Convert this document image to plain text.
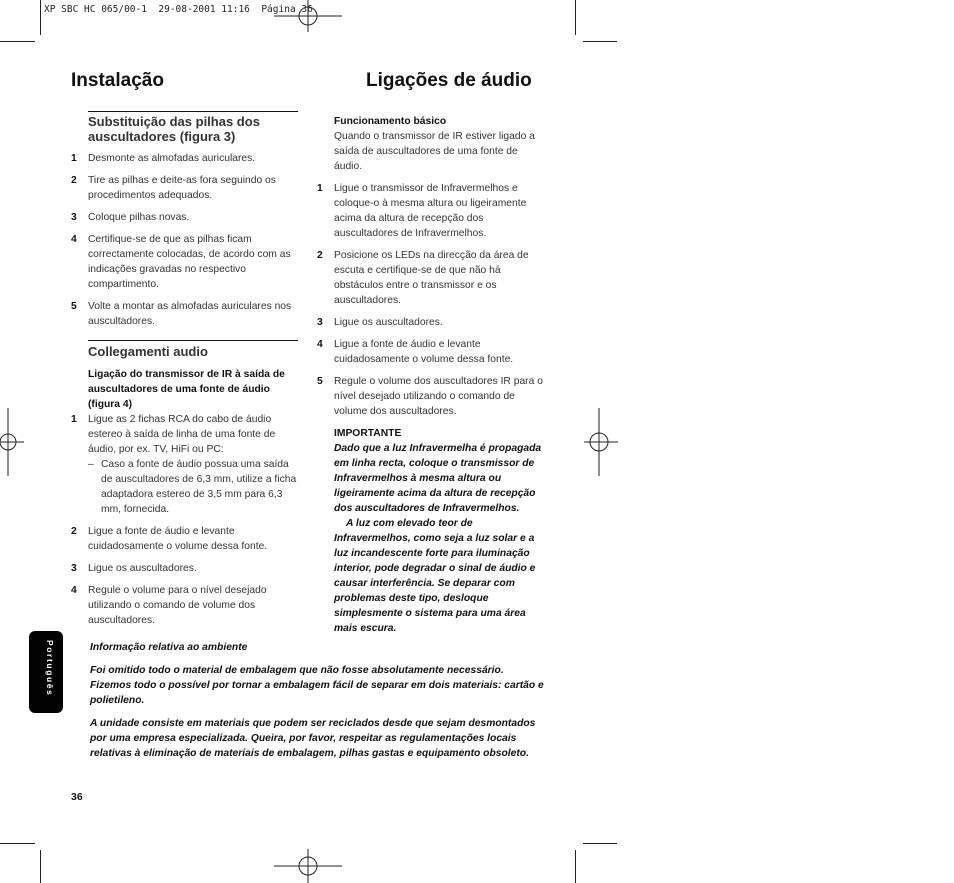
XP SBC HC 065/00-1  29-08-2001 11:16  Página 36
Instalação	Ligações de áudio
Substituição das pilhas dos auscultadores (figura 3)
1	Desmonte as almofadas auriculares.
2	Tire as pilhas e deite-as fora seguindo os procedimentos adequados.
3	Coloque pilhas novas.
4	Certifique-se de que as pilhas ficam correctamente colocadas, de acordo com as indicações gravadas no respectivo compartimento.
5	Volte a montar as almofadas auriculares nos auscultadores.
Collegamenti audio
Ligação do transmissor de IR à saída de auscultadores de uma fonte de áudio (figura 4)
1	Ligue as 2 fichas RCA do cabo de áudio estereo à saída de linha de uma fonte de áudio, por ex. TV, HiFi ou PC:
– Caso a fonte de áudio possua uma saída de auscultadores de 6,3 mm, utilize a ficha adaptadora estereo de 3,5 mm para 6,3 mm, fornecida.
2	Ligue a fonte de áudio e levante cuidadosamente o volume dessa fonte.
3	Ligue os auscultadores.
4	Regule o volume para o nível desejado utilizando o comando de volume dos auscultadores.
Funcionamento básico
Quando o transmissor de IR estiver ligado a saída de auscultadores de uma fonte de áudio.
1	Ligue o transmissor de Infravermelhos e coloque-o à mesma altura ou ligeiramente acima da altura de recepção dos auscultadores de Infravermelhos.
2	Posicione os LEDs na direcção da área de escuta e certifique-se de que não há obstáculos entre o transmissor e os auscultadores.
3	Ligue os auscultadores.
4	Ligue a fonte de áudio e levante cuidadosamente o volume dessa fonte.
5	Regule o volume dos auscultadores IR para o nível desejado utilizando o comando de volume dos auscultadores.
IMPORTANTE
Dado que a luz Infravermelha é propagada em linha recta, coloque o transmissor de Infravermelhos à mesma altura ou ligeiramente acima da altura de recepção dos auscultadores de Infravermelhos.
A luz com elevado teor de Infravermelhos, como seja a luz solar e a luz incandescente forte para iluminação interior, pode degradar o sinal de áudio e causar interferência. Se deparar com problemas deste tipo, desloque simplesmente o sistema para uma área mais escura.
Informação relativa ao ambiente
Foi omitido todo o material de embalagem que não fosse absolutamente necessário. Fizemos todo o possível por tornar a embalagem fácil de separar em dois materiais: cartão e polietileno.
A unidade consiste em materiais que podem ser reciclados desde que sejam desmontados por uma empresa especializada. Queira, por favor, respeitar as regulamentações locais relativas à eliminação de materiais de embalagem, pilhas gastas e equipamento obsoleto.
Português
36
